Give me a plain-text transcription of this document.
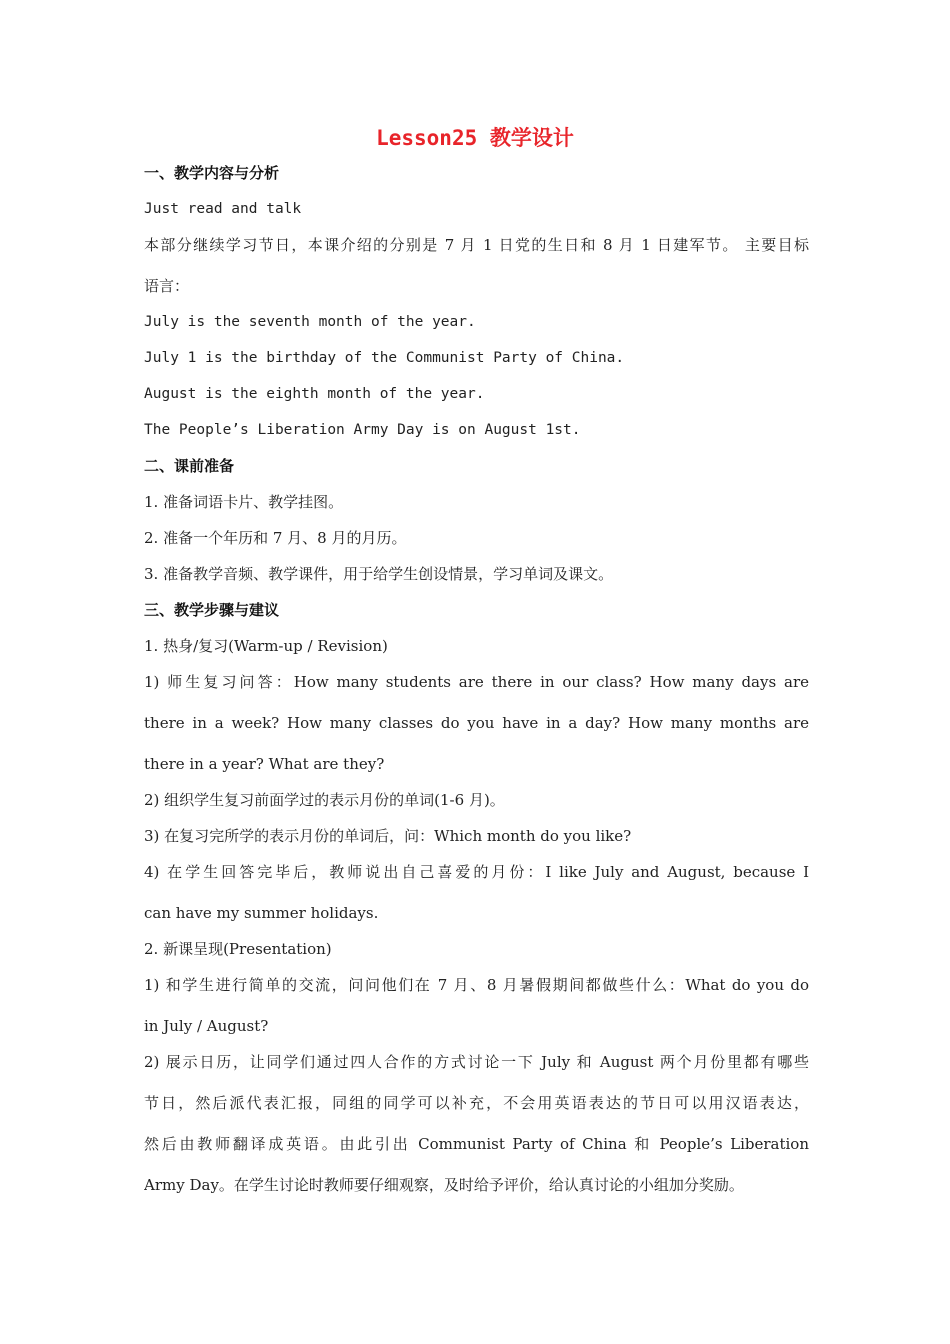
Lesson25 教学设计
一、教学内容与分析
Just read and talk
本部分继续学习节日，本课介绍的分别是 7 月 1 日党的生日和 8 月 1 日建军节。 主要目标
语言：
July is the seventh month of the year.
July 1 is the birthday of the Communist Party of China.
August is the eighth month of the year.
The People’s Liberation Army Day is on August 1st.
二、课前准备
1. 准备词语卡片、教学挂图。
2. 准备一个年历和 7 月、8 月的月历。
3. 准备教学音频、教学课件，用于给学生创设情景，学习单词及课文。
三、教学步骤与建议
1. 热身/复习(Warm-up / Revision)
1) 师生复习问答：How many students are there in our class? How many days are
there in a week? How many classes do you have in a day? How many months are
there in a year? What are they?
2) 组织学生复习前面学过的表示月份的单词(1-6 月)。
3) 在复习完所学的表示月份的单词后，问：Which month do you like?
4) 在学生回答完毕后，教师说出自己喜爱的月份：I like July and August, because I
can have my summer holidays.
2. 新课呈现(Presentation)
1) 和学生进行简单的交流，问问他们在 7 月、8 月暑假期间都做些什么：What do you do
in July / August?
2) 展示日历，让同学们通过四人合作的方式讨论一下 July 和 August 两个月份里都有哪些
节日，然后派代表汇报，同组的同学可以补充，不会用英语表达的节日可以用汉语表达，
然后由教师翻译成英语。由此引出 Communist Party of China 和 People’s Liberation
Army Day。在学生讨论时教师要仔细观察，及时给予评价，给认真讨论的小组加分奖励。
